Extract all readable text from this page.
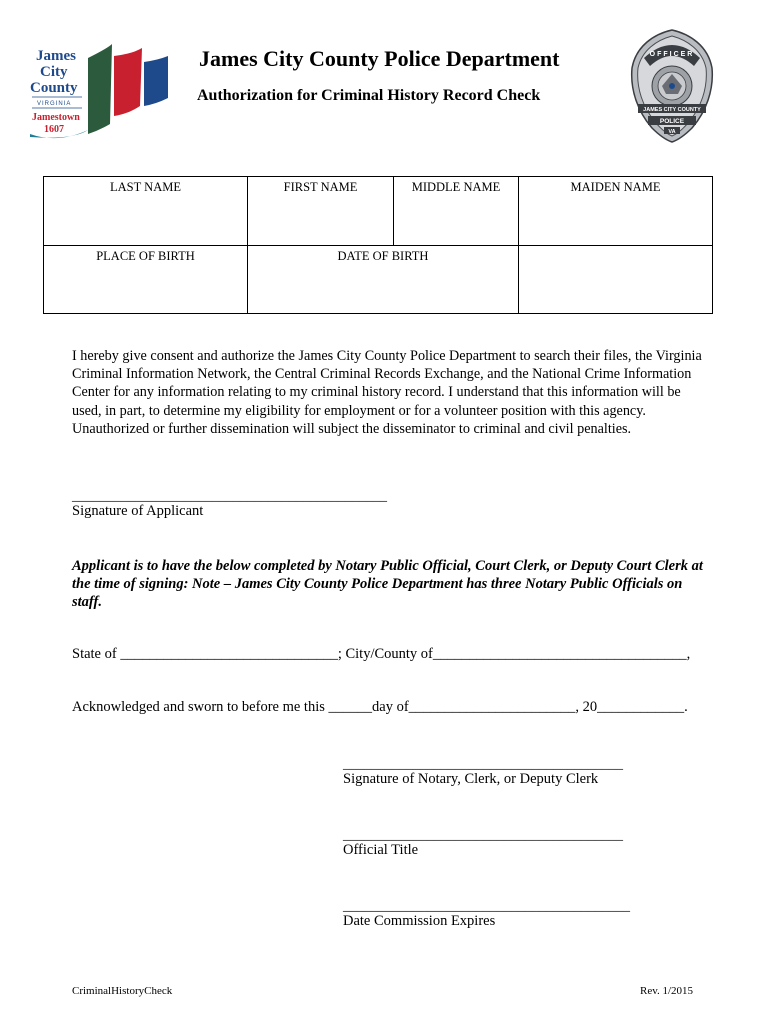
James
City
County
VIRGINIA
Jamestown
1607
James City County Police Department
Authorization for Criminal History Record Check
OFFICER
JAMES CITY COUNTY
POLICE
VA
LAST NAME	FIRST NAME	MIDDLE NAME	MAIDEN NAME
PLACE OF BIRTH	DATE OF BIRTH		
I hereby give consent and authorize the James City County Police Department to search their files, the Virginia Criminal Information Network, the Central Criminal Records Exchange, and the National Crime Information Center for any information relating to my criminal history record. I understand that this information will be used, in part, to determine my eligibility for employment or for a volunteer position with this agency. Unauthorized or further dissemination will subject the disseminator to criminal and civil penalties.
_____________________________________________
Signature of Applicant
Applicant is to have the below completed by Notary Public Official, Court Clerk, or Deputy Court Clerk at the time of signing: Note – James City County Police Department has three Notary Public Officials on staff.
State of ______________________________; City/County of___________________________________,
Acknowledged and sworn to before me this ______day of_______________________, 20____________.
________________________________________
Signature of Notary, Clerk, or Deputy Clerk
________________________________________
Official Title
_________________________________________
Date Commission Expires
CriminalHistoryCheck	Rev. 1/2015
